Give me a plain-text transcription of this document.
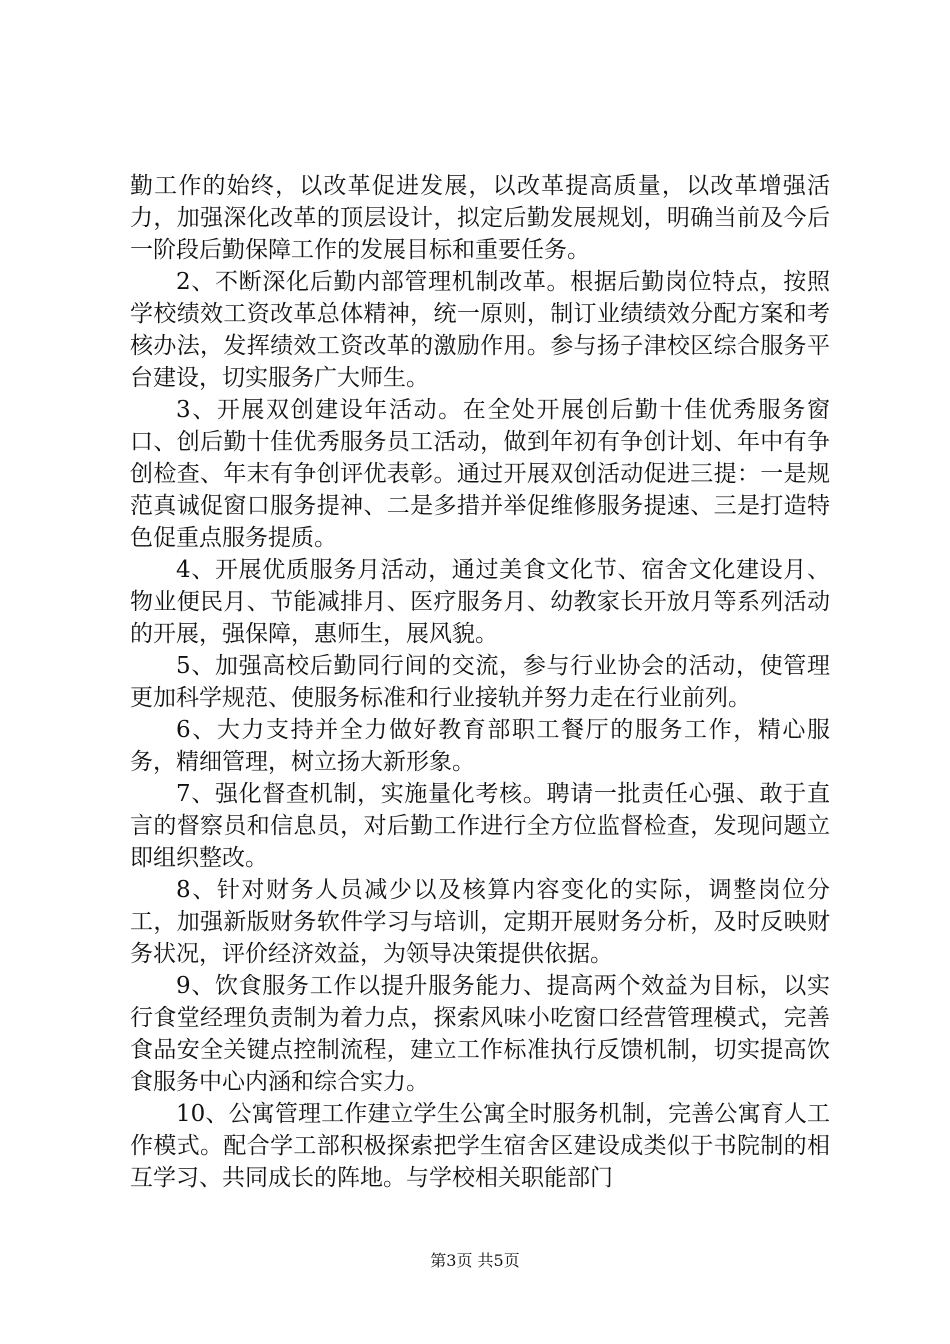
勤工作的始终，以改革促进发展，以改革提高质量，以改革增强活力，加强深化改革的顶层设计，拟定后勤发展规划，明确当前及今后一阶段后勤保障工作的发展目标和重要任务。

2、不断深化后勤内部管理机制改革。根据后勤岗位特点，按照学校绩效工资改革总体精神，统一原则，制订业绩绩效分配方案和考核办法，发挥绩效工资改革的激励作用。参与扬子津校区综合服务平台建设，切实服务广大师生。

3、开展双创建设年活动。在全处开展创后勤十佳优秀服务窗口、创后勤十佳优秀服务员工活动，做到年初有争创计划、年中有争创检查、年末有争创评优表彰。通过开展双创活动促进三提：一是规范真诚促窗口服务提神、二是多措并举促维修服务提速、三是打造特色促重点服务提质。

4、开展优质服务月活动，通过美食文化节、宿舍文化建设月、物业便民月、节能减排月、医疗服务月、幼教家长开放月等系列活动的开展，强保障，惠师生，展风貌。

5、加强高校后勤同行间的交流，参与行业协会的活动，使管理更加科学规范、使服务标准和行业接轨并努力走在行业前列。

6、大力支持并全力做好教育部职工餐厅的服务工作，精心服务，精细管理，树立扬大新形象。

7、强化督查机制，实施量化考核。聘请一批责任心强、敢于直言的督察员和信息员，对后勤工作进行全方位监督检查，发现问题立即组织整改。

8、针对财务人员减少以及核算内容变化的实际，调整岗位分工，加强新版财务软件学习与培训，定期开展财务分析，及时反映财务状况，评价经济效益，为领导决策提供依据。

9、饮食服务工作以提升服务能力、提高两个效益为目标，以实行食堂经理负责制为着力点，探索风味小吃窗口经营管理模式，完善食品安全关键点控制流程，建立工作标准执行反馈机制，切实提高饮食服务中心内涵和综合实力。

10、公寓管理工作建立学生公寓全时服务机制，完善公寓育人工作模式。配合学工部积极探索把学生宿舍区建设成类似于书院制的相互学习、共同成长的阵地。与学校相关职能部门

第3页 共5页
